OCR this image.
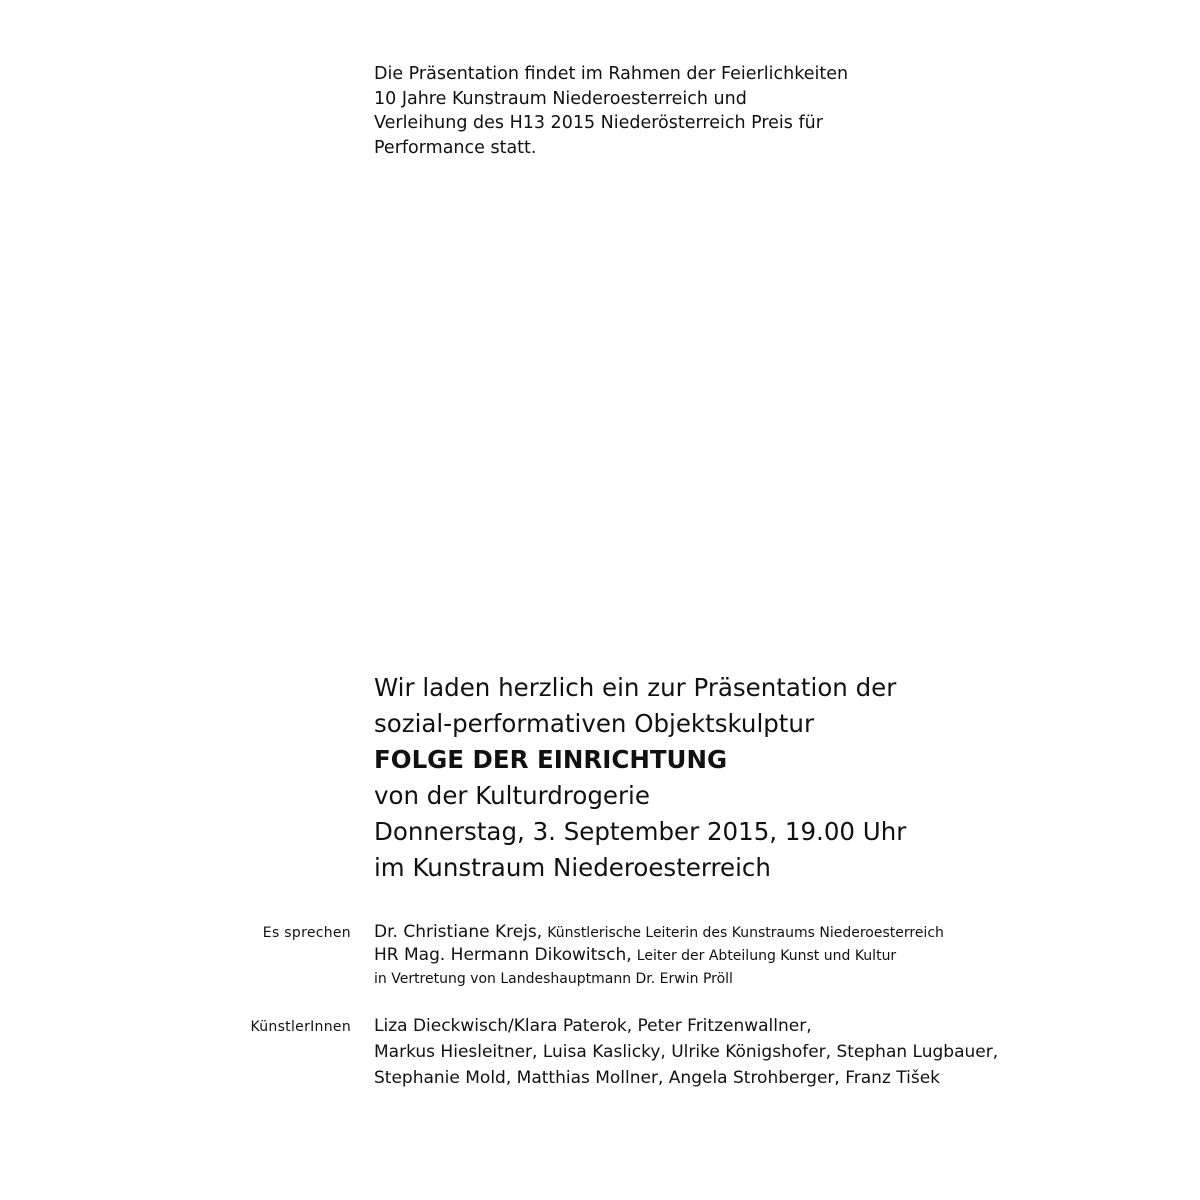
Die Präsentation findet im Rahmen der Feierlichkeiten
10 Jahre Kunstraum Niederoesterreich und
Verleihung des H13 2015 Niederösterreich Preis für
Performance statt.
Wir laden herzlich ein zur Präsentation der
sozial-performativen Objektskulptur
FOLGE DER EINRICHTUNG
von der Kulturdrogerie
Donnerstag, 3. September 2015, 19.00 Uhr
im Kunstraum Niederoesterreich
Es sprechen Dr. Christiane Krejs, Künstlerische Leiterin des Kunstraums Niederoesterreich
HR Mag. Hermann Dikowitsch, Leiter der Abteilung Kunst und Kultur
in Vertretung von Landeshauptmann Dr. Erwin Pröll
KünstlerInnen Liza Dieckwisch/Klara Paterok, Peter Fritzenwallner,
Markus Hiesleitner, Luisa Kaslicky, Ulrike Königshofer, Stephan Lugbauer,
Stephanie Mold, Matthias Mollner, Angela Strohberger, Franz Tišek
